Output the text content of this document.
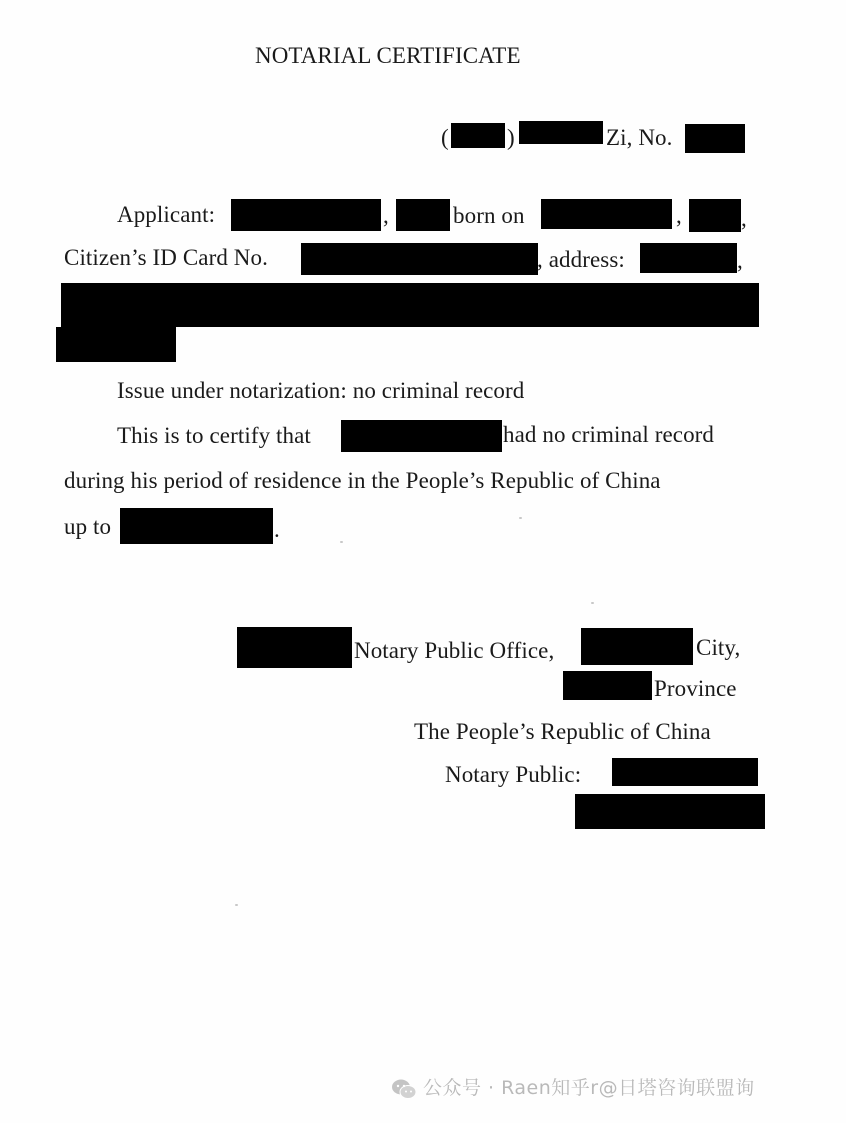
NOTARIAL CERTIFICATE
(	)	Zi, No.
Applicant:	,	born on	,	,
Citizen’s ID Card No.	, address:	,
Issue under notarization: no criminal record
This is to certify that	had no criminal record
during his period of residence in the People’s Republic of China
up to	.
Notary Public Office,	City,
Province
The People’s Republic of China
Notary Public:
公众号 · Raen知乎r@日塔咨询联盟询
